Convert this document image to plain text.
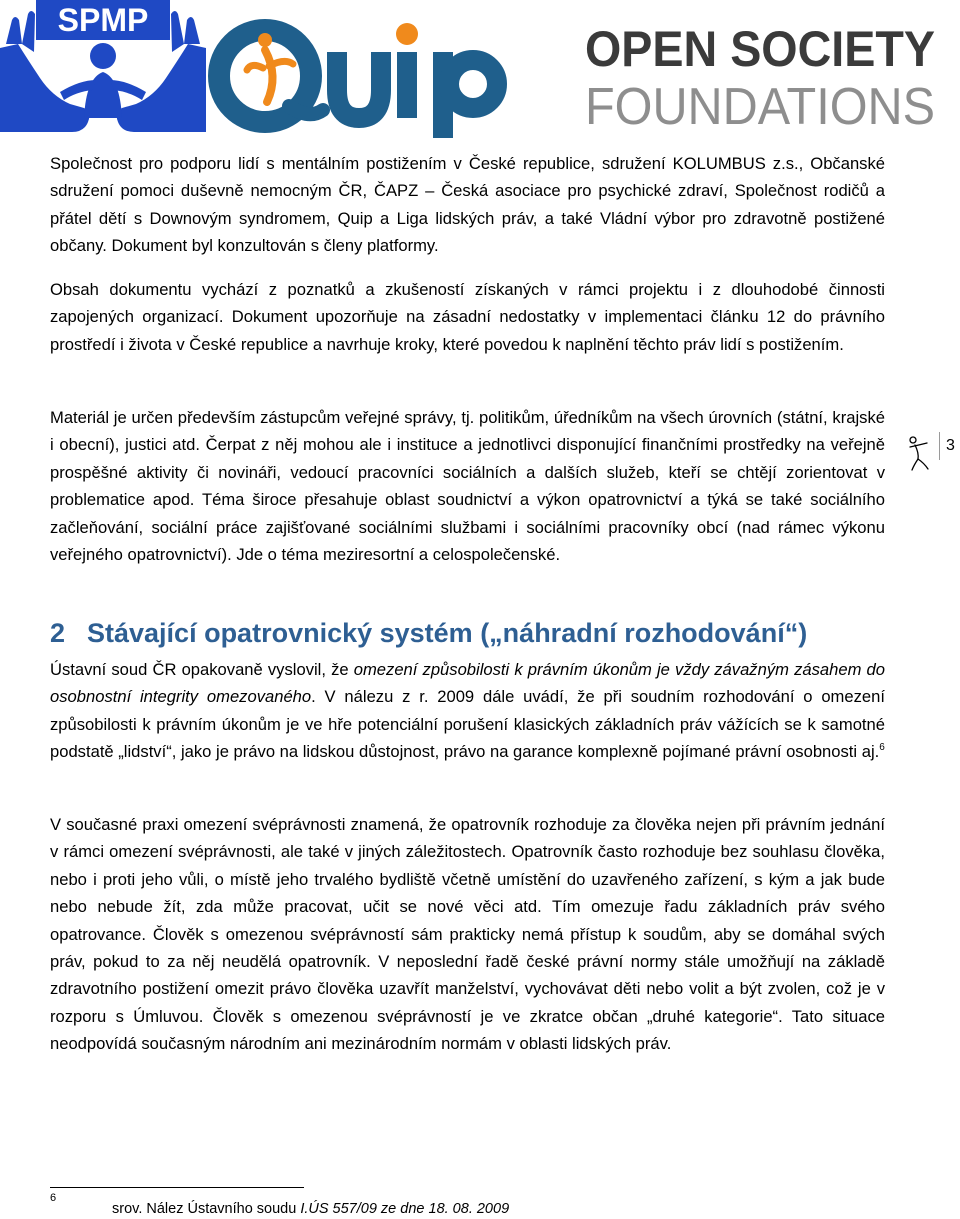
SPMP	Quip
OPEN SOCIETY
FOUNDATIONS

Společnost pro podporu lidí s mentálním postižením v České republice, sdružení KOLUMBUS z.s., Občanské sdružení pomoci duševně nemocným ČR, ČAPZ – Česká asociace pro psychické zdraví, Společnost rodičů a přátel dětí s Downovým syndromem, Quip a Liga lidských práv, a také Vládní výbor pro zdravotně postižené občany. Dokument byl konzultován s členy platformy.

Obsah dokumentu vychází z poznatků a zkušeností získaných v rámci projektu i z dlouhodobé činnosti zapojených organizací. Dokument upozorňuje na zásadní nedostatky v implementaci článku 12 do právního prostředí i života v České republice a navrhuje kroky, které povedou k naplnění těchto práv lidí s postižením.

Materiál je určen především zástupcům veřejné správy, tj. politikům, úředníkům na všech úrovních (státní, krajské i obecní), justici atd. Čerpat z něj mohou ale i instituce a jednotlivci disponující finančními prostředky na veřejně prospěšné aktivity či novináři, vedoucí pracovníci sociálních a dalších služeb, kteří se chtějí zorientovat v problematice apod. Téma široce přesahuje oblast soudnictví a výkon opatrovnictví a týká se také sociálního začleňování, sociální práce zajišťované sociálními službami i sociálními pracovníky obcí (nad rámec výkonu veřejného opatrovnictví). Jde o téma meziresortní a celospolečenské.

2 Stávající opatrovnický systém („náhradní rozhodování“)

Ústavní soud ČR opakovaně vyslovil, že omezení způsobilosti k právním úkonům je vždy závažným zásahem do osobnostní integrity omezovaného. V nálezu z r. 2009 dále uvádí, že při soudním rozhodování o omezení způsobilosti k právním úkonům je ve hře potenciální porušení klasických základních práv vážících se k samotné podstatě „lidství“, jako je právo na lidskou důstojnost, právo na garance komplexně pojímané právní osobnosti aj.$^6$

V současné praxi omezení svéprávnosti znamená, že opatrovník rozhoduje za člověka nejen při právním jednání v rámci omezení svéprávnosti, ale také v jiných záležitostech. Opatrovník často rozhoduje bez souhlasu člověka, nebo i proti jeho vůli, o místě jeho trvalého bydliště včetně umístění do uzavřeného zařízení, s kým a jak bude nebo nebude žít, zda může pracovat, učit se nové věci atd. Tím omezuje řadu základních práv svého opatrovance. Člověk s omezenou svéprávností sám prakticky nemá přístup k soudům, aby se domáhal svých práv, pokud to za něj neudělá opatrovník. V neposlední řadě české právní normy stále umožňují na základě zdravotního postižení omezit právo člověka uzavřít manželství, vychovávat děti nebo volit a být zvolen, což je v rozporu s Úmluvou. Člověk s omezenou svéprávností je ve zkratce občan „druhé kategorie“. Tato situace neodpovídá současným národním ani mezinárodním normám v oblasti lidských práv.

3
6
srov. Nález Ústavního soudu I.ÚS 557/09 ze dne 18. 08. 2009
